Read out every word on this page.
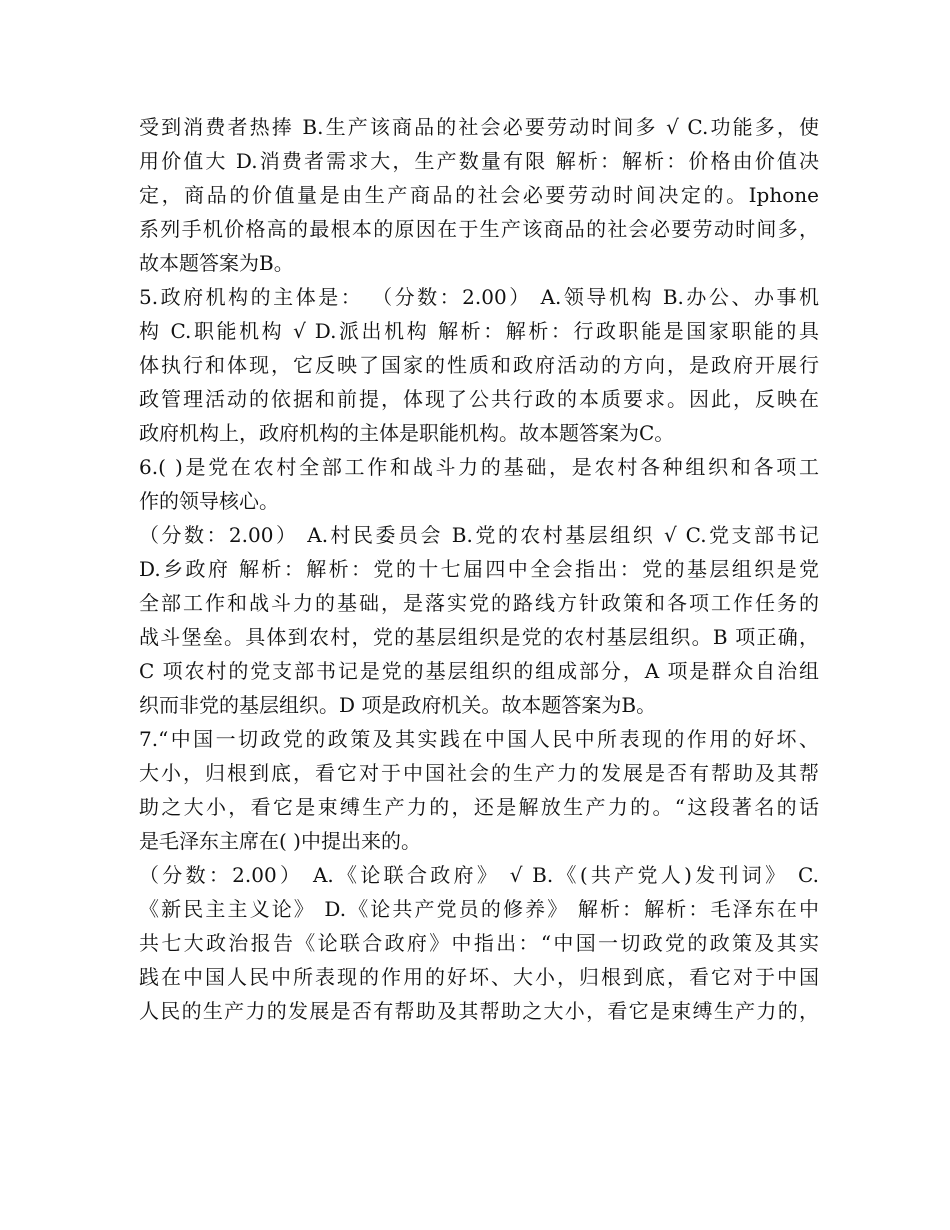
受到消费者热捧 B.生产该商品的社会必要劳动时间多 √ C.功能多，使
用价值大 D.消费者需求大，生产数量有限 解析：解析：价格由价值决
定，商品的价值量是由生产商品的社会必要劳动时间决定的。Iphone
系列手机价格高的最根本的原因在于生产该商品的社会必要劳动时间多，
故本题答案为B。
5.政府机构的主体是： （分数：2.00） A.领导机构 B.办公、办事机
构 C.职能机构 √ D.派出机构 解析：解析：行政职能是国家职能的具
体执行和体现，它反映了国家的性质和政府活动的方向，是政府开展行
政管理活动的依据和前提，体现了公共行政的本质要求。因此，反映在
政府机构上，政府机构的主体是职能机构。故本题答案为C。
6.( )是党在农村全部工作和战斗力的基础，是农村各种组织和各项工
作的领导核心。
（分数：2.00） A.村民委员会 B.党的农村基层组织 √ C.党支部书记
D.乡政府 解析：解析：党的十七届四中全会指出：党的基层组织是党
全部工作和战斗力的基础，是落实党的路线方针政策和各项工作任务的
战斗堡垒。具体到农村，党的基层组织是党的农村基层组织。B 项正确，
C 项农村的党支部书记是党的基层组织的组成部分，A 项是群众自治组
织而非党的基层组织。D 项是政府机关。故本题答案为B。
7.“中国一切政党的政策及其实践在中国人民中所表现的作用的好坏、
大小，归根到底，看它对于中国社会的生产力的发展是否有帮助及其帮
助之大小，看它是束缚生产力的，还是解放生产力的。“这段著名的话
是毛泽东主席在( )中提出来的。
（分数：2.00） A.《论联合政府》 √ B.《(共产党人)发刊词》 C.
《新民主主义论》 D.《论共产党员的修养》 解析：解析：毛泽东在中
共七大政治报告《论联合政府》中指出：“中国一切政党的政策及其实
践在中国人民中所表现的作用的好坏、大小，归根到底，看它对于中国
人民的生产力的发展是否有帮助及其帮助之大小，看它是束缚生产力的，
